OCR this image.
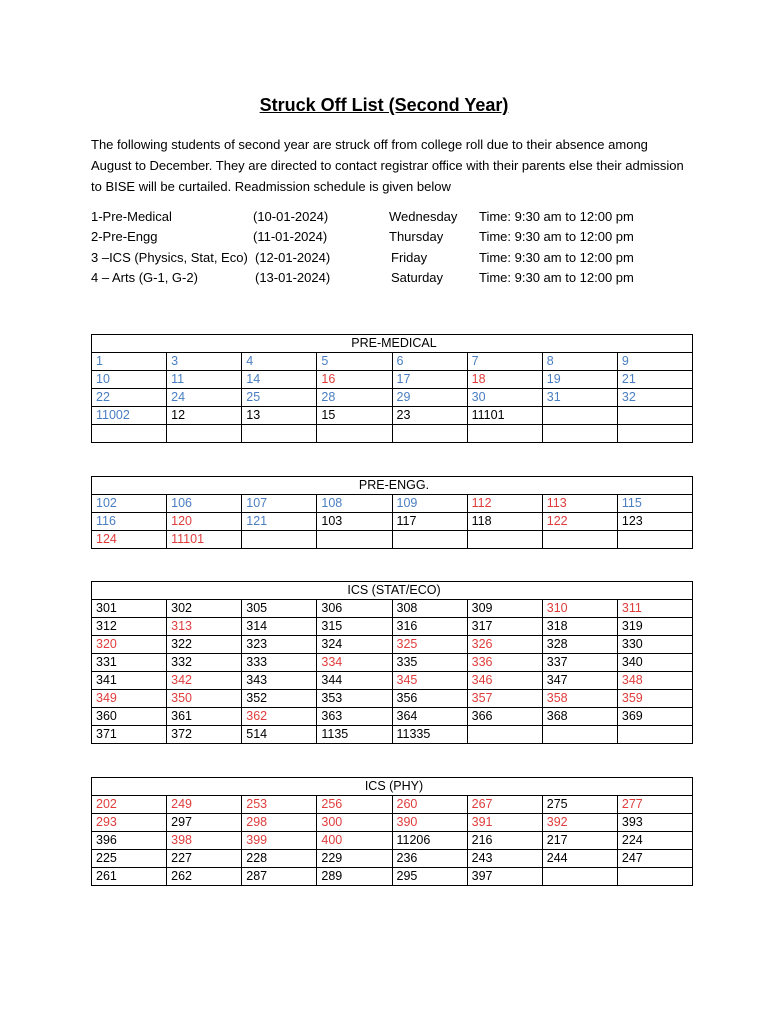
Struck Off List (Second Year)
The following students of second year are struck off from college roll due to their absence among August to December. They are directed to contact registrar office with their parents else their admission to BISE will be curtailed. Readmission schedule is given below
1-Pre-Medical	(10-01-2024)	Wednesday Time: 9:30 am to 12:00 pm
2-Pre-Engg	(11-01-2024)	Thursday	Time: 9:30 am to 12:00 pm
3 –ICS (Physics, Stat, Eco) (12-01-2024)	Friday	Time: 9:30 am to 12:00 pm
4 – Arts (G-1, G-2)	(13-01-2024)	Saturday	Time: 9:30 am to 12:00 pm
PRE-MEDICAL							
1	3	4	5	6	7	8	9
10	11	14	16	17	18	19	21
22	24	25	28	29	30	31	32
11002	12	13	15	23	11101		

PRE-ENGG.							
102	106	107	108	109	112	113	115
116	120	121	103	117	118	122	123
124	11101						
ICS (STAT/ECO)							
301	302	305	306	308	309	310	311
312	313	314	315	316	317	318	319
320	322	323	324	325	326	328	330
331	332	333	334	335	336	337	340
341	342	343	344	345	346	347	348
349	350	352	353	356	357	358	359
360	361	362	363	364	366	368	369
371	372	514	1135	11335			
ICS (PHY)							
202	249	253	256	260	267	275	277
293	297	298	300	390	391	392	393
396	398	399	400	11206	216	217	224
225	227	228	229	236	243	244	247
261	262	287	289	295	397		
